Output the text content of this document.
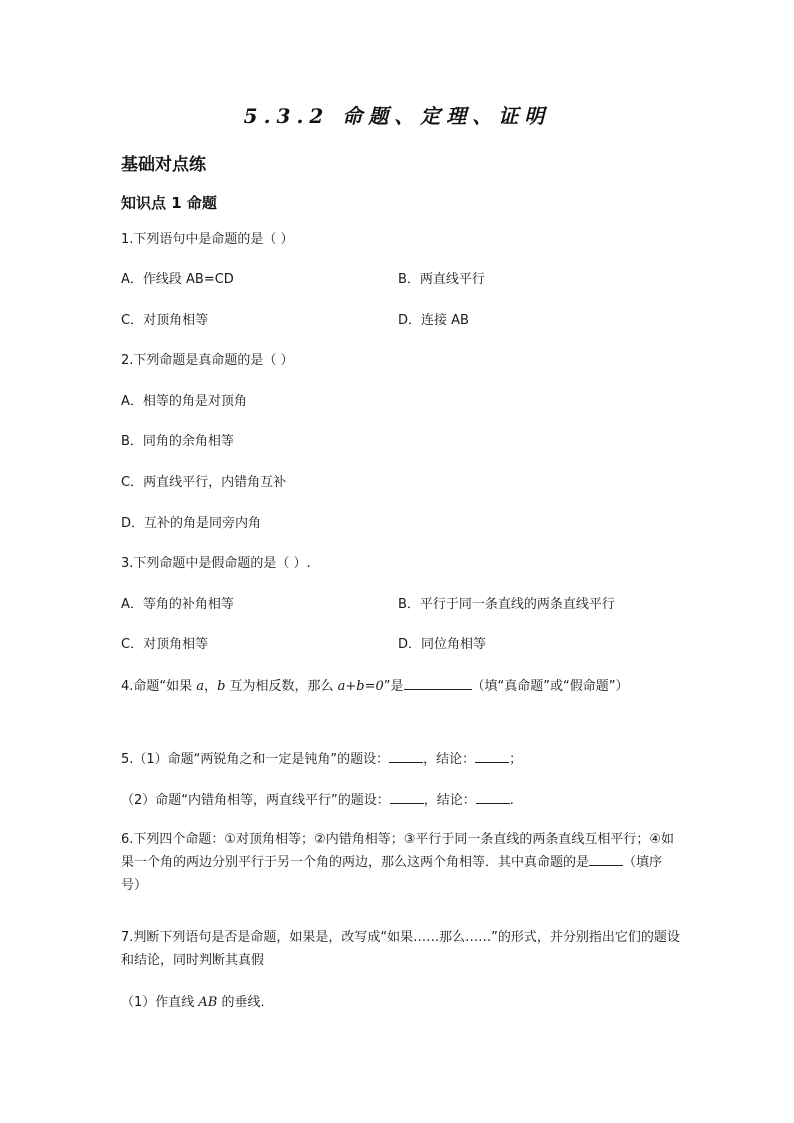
5.3.2 命题、定理、证明
基础对点练
知识点 1 命题
1.下列语句中是命题的是（ ）
A．作线段 AB=CD	B．两直线平行
C．对顶角相等	D．连接 AB
2.下列命题是真命题的是（ ）
A．相等的角是对顶角
B．同角的余角相等
C．两直线平行，内错角互补
D．互补的角是同旁内角
3.下列命题中是假命题的是（ ）.
A．等角的补角相等	B．平行于同一条直线的两条直线平行
C．对顶角相等	D．同位角相等
4.命题“如果 a，b 互为相反数，那么 a+b=0”是	（填“真命题”或“假命题”）
5.（1）命题“两锐角之和一定是钝角”的题设：	，结论：	；
（2）命题“内错角相等，两直线平行”的题设：	，结论：	.
6.下列四个命题：①对顶角相等；②内错角相等；③平行于同一条直线的两条直线互相平行；④如果一个角的两边分别平行于另一个角的两边，那么这两个角相等．其中真命题的是	（填序号）
7.判断下列语句是否是命题，如果是，改写成“如果……那么……”的形式，并分别指出它们的题设和结论，同时判断其真假
（1）作直线 AB 的垂线．
